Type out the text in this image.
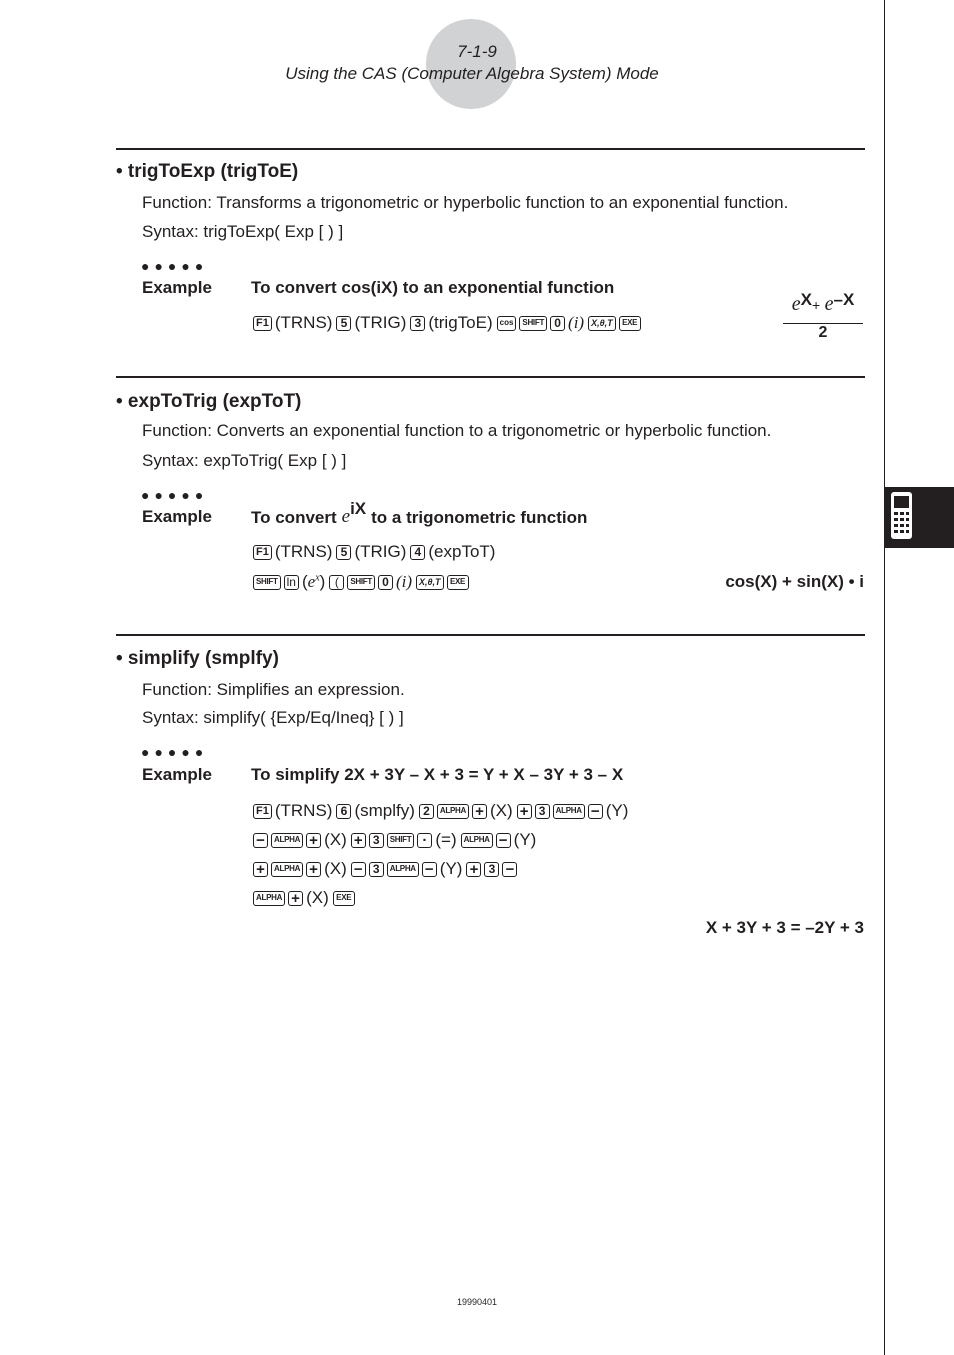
7-1-9
Using the CAS (Computer Algebra System) Mode
• trigToExp (trigToE)
Function: Transforms a trigonometric or hyperbolic function to an exponential function.
Syntax: trigToExp( Exp [ ) ]
●●●●●
Example To convert cos(iX) to an exponential function
F1 (TRNS) 5 (TRIG) 3 (trigToE) cos	SHIFT 0 (i) X,θ,T	EXE
eX+ e–X
2
• expToTrig (expToT)
Function: Converts an exponential function to a trigonometric or hyperbolic function.
Syntax: expToTrig( Exp [ ) ]
●●●●●
Example To convert e iX to a trigonometric function
F1 (TRNS) 5 (TRIG) 4 (expToT)
SHIFT $\ln (e^x)$ (	SHIFT 0 (i) X,θ,T	EXE	cos(X) + sin(X) • i
• simplify (smplfy)
Function: Simplifies an expression.
Syntax: simplify( {Exp/Eq/Ineq} [ ) ]
●●●●●
Example To simplify 2X + 3Y – X + 3 = Y + X – 3Y + 3 – X
F1 (TRNS) 6 (smplfy) 2	ALPHA + (X) + 3	ALPHA − (Y)
−	ALPHA + (X) + 3	SHIFT · (=) ALPHA − (Y)
+	ALPHA + (X) − 3	ALPHA − (Y) + 3 −
ALPHA + (X) EXE
X + 3Y + 3 = –2Y + 3
19990401
